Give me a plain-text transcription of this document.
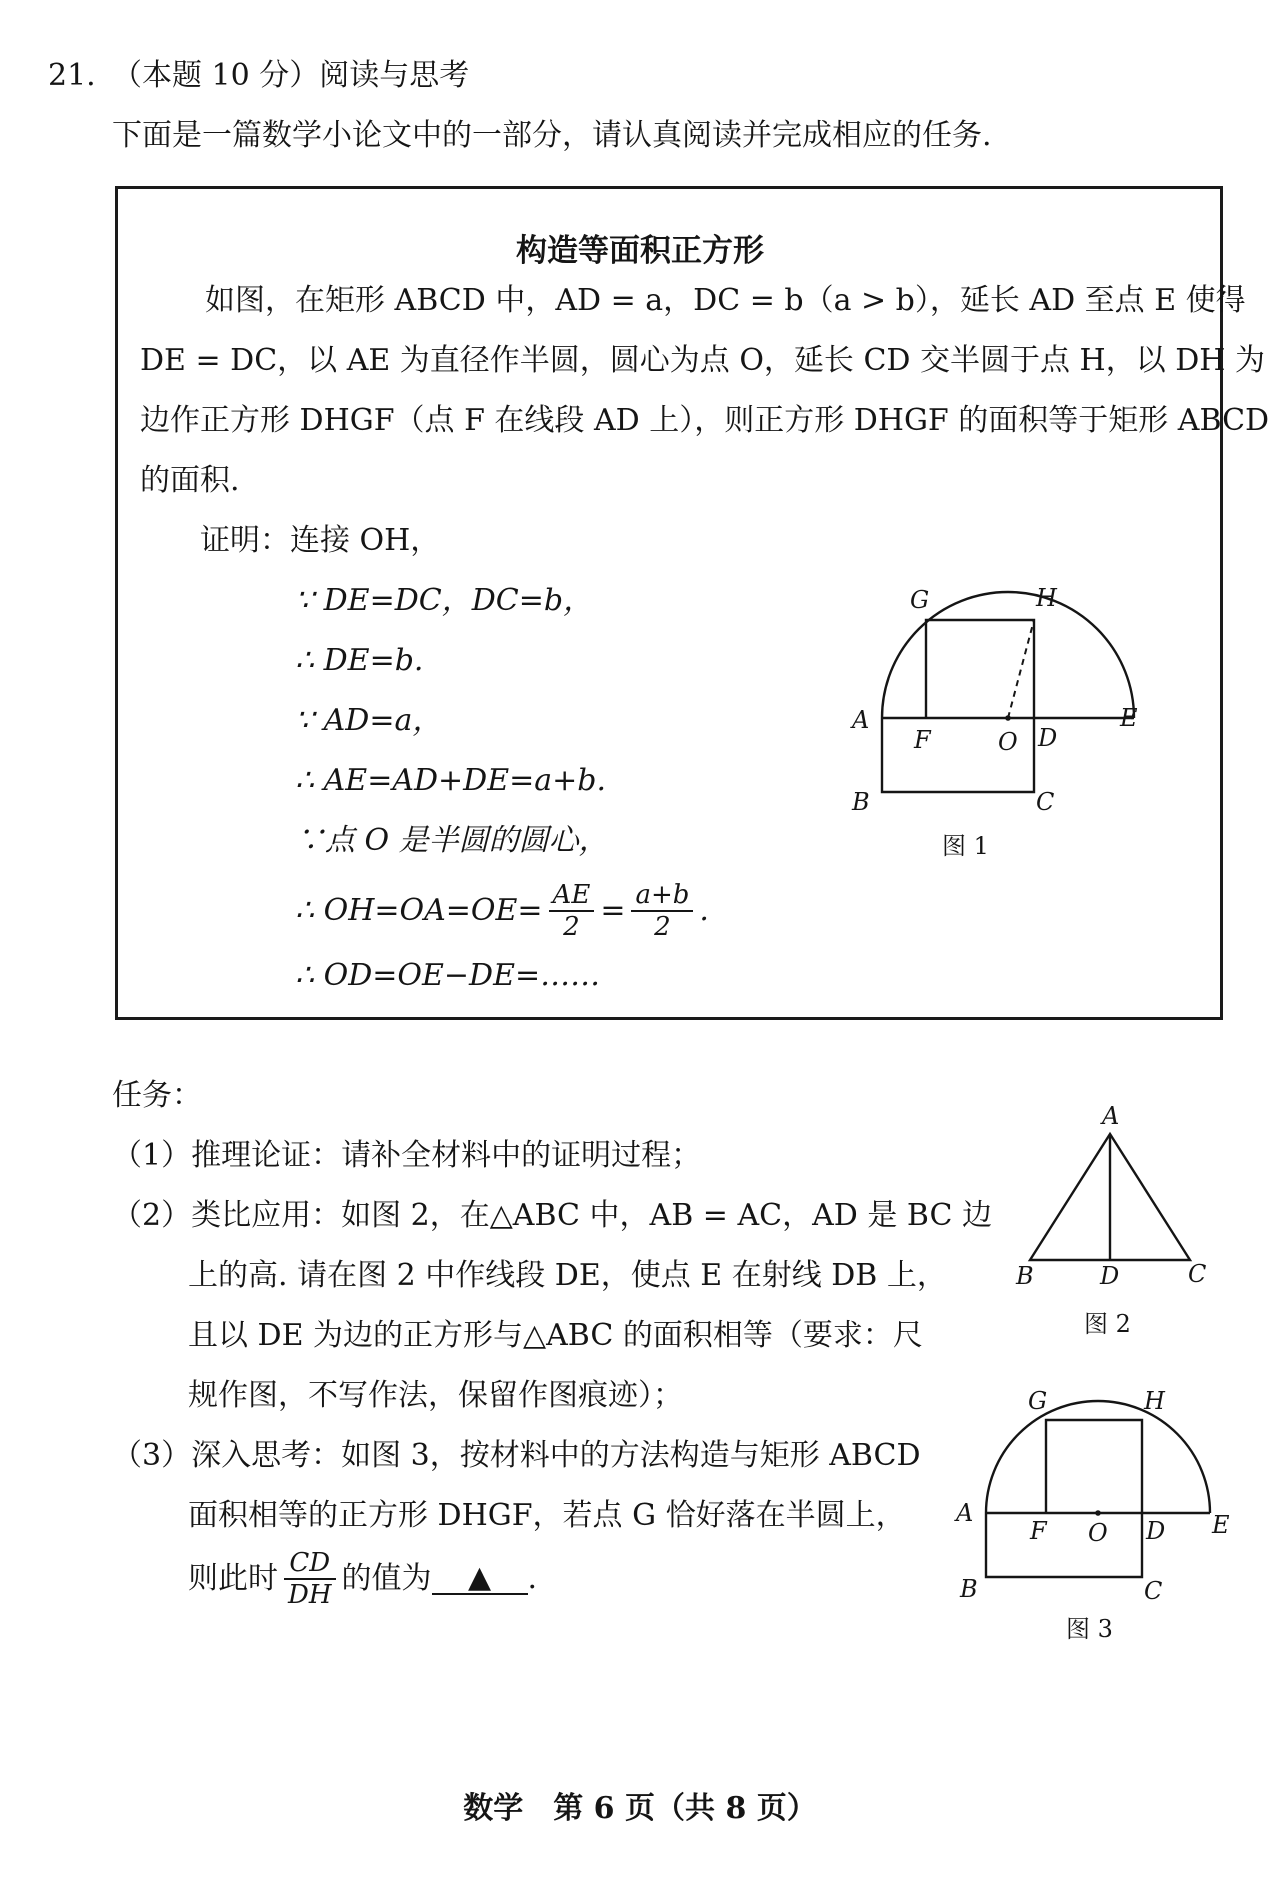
21. （本题 10 分）阅读与思考
下面是一篇数学小论文中的一部分，请认真阅读并完成相应的任务.
构造等面积正方形
如图，在矩形 ABCD 中，AD = a，DC = b（a > b），延长 AD 至点 E 使得
DE = DC，以 AE 为直径作半圆，圆心为点 O，延长 CD 交半圆于点 H，以 DH 为
边作正方形 DHGF（点 F 在线段 AD 上），则正方形 DHGF 的面积等于矩形 ABCD
的面积.
证明：连接 OH，
∵ DE=DC，DC=b，
∴ DE=b.
∵ AD=a，
∴ AE=AD+DE=a+b.
∵点 O 是半圆的圆心，
∴ $OH=OA=OE= \frac{AE}{2} = \frac{a+b}{2}$ .
∴ OD=OE−DE=……
G	H
A
F	O D
E
B	C
图 1
任务：
（1）推理论证：请补全材料中的证明过程；
（2）类比应用：如图 2，在△ABC 中，AB = AC，AD 是 BC 边
上的高. 请在图 2 中作线段 DE，使点 E 在射线 DB 上，
且以 DE 为边的正方形与△ABC 的面积相等（要求：尺
规作图，不写作法，保留作图痕迹）；
（3）深入思考：如图 3，按材料中的方法构造与矩形 ABCD
面积相等的正方形 DHGF，若点 G 恰好落在半圆上，
则此时 $\frac{CD}{DH}$ 的值为	▲	.
A
B	D	C
图 2
G	H
A
F O D E
B	C
图 3
数学　第 6 页（共 8 页）
